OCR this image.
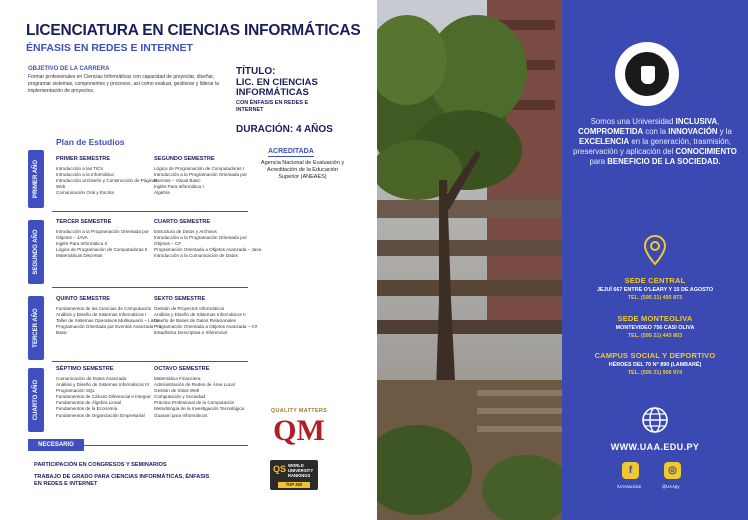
LICENCIATURA EN CIENCIAS INFORMÁTICAS
ÉNFASIS EN REDES E INTERNET
OBJETIVO DE LA CARRERA
Formar profesionales en Ciencias Informáticas con capacidad de proyectar, diseñar, programar sistemas, componentes y procesos, así como evaluar, gestionar y liderar la implementación de proyectos.
TÍTULO:
LIC. EN CIENCIAS INFORMÁTICAS
CON ÉNFASIS EN REDES E INTERNET
DURACIÓN: 4 AÑOS
ACREDITADA
Agencia Nacional de Evaluación y Acreditación de la Educación Superior (ANEAES)
Plan de Estudios
PRIMER AÑO
PRIMER SEMESTRE
Introducción a las TICs
Introducción a la Informática
Introducción al Diseño y Construcción de Páginas Web
Comunicación Oral y Escrita
SEGUNDO SEMESTRE
Lógica de Programación de Computadoras I
Introducción a la Programación Orientada por Eventos – Visual Basic
Inglés Para Informática I
Álgebra
SEGUNDO AÑO
TERCER SEMESTRE
Introducción a la Programación Orientada por Objetos – JAVA
Inglés Para Informática II
Lógica de Programación de Computadoras II
Matemáticas Discretas
CUARTO SEMESTRE
Estructura de Datos y Archivos
Introducción a la Programación Orientada por Objetos – C#
Programación Orientada a Objetos Avanzada – Java
Introducción a la Comunicación de Datos
TERCER AÑO
QUINTO SEMESTRE
Fundamentos de las Ciencias de Computación
Análisis y Diseño de Sistemas Informáticos I
Taller de Sistemas Operativos Multiusuario – Linux
Programación Orientada por Eventos Avanzada – V. Basic
SEXTO SEMESTRE
Gestión de Proyectos Informáticos
Análisis y Diseño de Sistemas Informáticos II
Diseño de Bases de Datos Relacionales
Programación Orientada a Objetos Avanzada – C#
Estadística Descriptiva e Inferencial
CUARTO AÑO
SÉPTIMO SEMESTRE
Comunicación de Datos Avanzada
Análisis y Diseño de Sistemas Informáticos III
Programación SQL
Fundamentos de Cálculo Diferencial e Integral
Fundamentos de Álgebra Lineal
Fundamentos de la Economía
Fundamentos de Organización Empresarial
OCTAVO SEMESTRE
Matemática Financiera
Administración de Redes de Área Local
Gestión de Sitios Web
Computación y Sociedad
Práctica Profesional de la Computación
Metodología de la Investigación Tecnológica
Guaraní para Informáticos
QUALITY MATTERS
QM
QS WORLD UNIVERSITY RANKINGS
TOP 300
NECESARIO
PARTICIPACIÓN EN CONGRESOS Y SEMINARIOS
TRABAJO DE GRADO PARA CIENCIAS INFORMÁTICAS, ÉNFASIS EN REDES E INTERNET
Somos una Universidad INCLUSIVA, COMPROMETIDA con la INNOVACIÓN y la EXCELENCIA en la generación, trasmisión, preservación y aplicación del CONOCIMIENTO para BENEFICIO DE LA SOCIEDAD.
SEDE CENTRAL
JEJUÍ 667 ENTRE O'LEARY Y 15 DE AGOSTO
TEL. (595 21) 495 873
SEDE MONTEOLIVA
MONTEVIDEO 756 CASI OLIVA
TEL. (595 21) 443 803
CAMPUS SOCIAL Y DEPORTIVO
HÉROES DEL 70 N° 890 (LAMBARÉ)
TEL. (595 21) 906 974
WWW.UAA.EDU.PY
f
/UAAsuncion
◎
@UAApy
